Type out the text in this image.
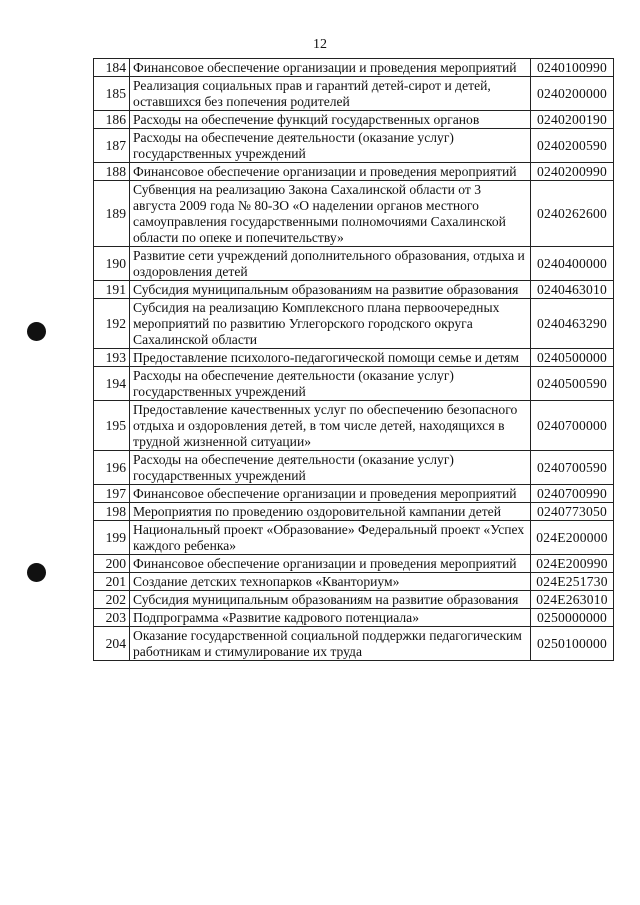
12
184	Финансовое обеспечение организации и проведения мероприятий	0240100990
185	Реализация социальных прав и гарантий детей-сирот и детей, оставшихся без попечения родителей	0240200000
186	Расходы на обеспечение функций государственных органов	0240200190
187	Расходы на обеспечение деятельности (оказание услуг) государственных учреждений	0240200590
188	Финансовое обеспечение организации и проведения мероприятий	0240200990
189	Субвенция на реализацию Закона Сахалинской области от 3 августа 2009 года № 80-ЗО «О наделении органов местного самоуправления государственными полномочиями Сахалинской области по опеке и попечительству»	0240262600
190	Развитие сети учреждений дополнительного образования, отдыха и оздоровления детей	0240400000
191	Субсидия муниципальным образованиям на развитие образования	0240463010
192	Субсидия на реализацию Комплексного плана первоочередных мероприятий по развитию Углегорского городского округа Сахалинской области	0240463290
193	Предоставление психолого-педагогической помощи семье и детям	0240500000
194	Расходы на обеспечение деятельности (оказание услуг) государственных учреждений	0240500590
195	Предоставление качественных услуг по обеспечению безопасного отдыха и оздоровления детей, в том числе детей, находящихся в трудной жизненной ситуации»	0240700000
196	Расходы на обеспечение деятельности (оказание услуг) государственных учреждений	0240700590
197	Финансовое обеспечение организации и проведения мероприятий	0240700990
198	Мероприятия по проведению оздоровительной кампании детей	0240773050
199	Национальный проект «Образование» Федеральный проект «Успех каждого ребенка»	024E200000
200	Финансовое обеспечение организации и проведения мероприятий	024E200990
201	Создание детских технопарков «Кванториум»	024E251730
202	Субсидия муниципальным образованиям на развитие образования	024E263010
203	Подпрограмма «Развитие кадрового потенциала»	0250000000
204	Оказание государственной социальной поддержки педагогическим работникам и стимулирование их труда	0250100000
